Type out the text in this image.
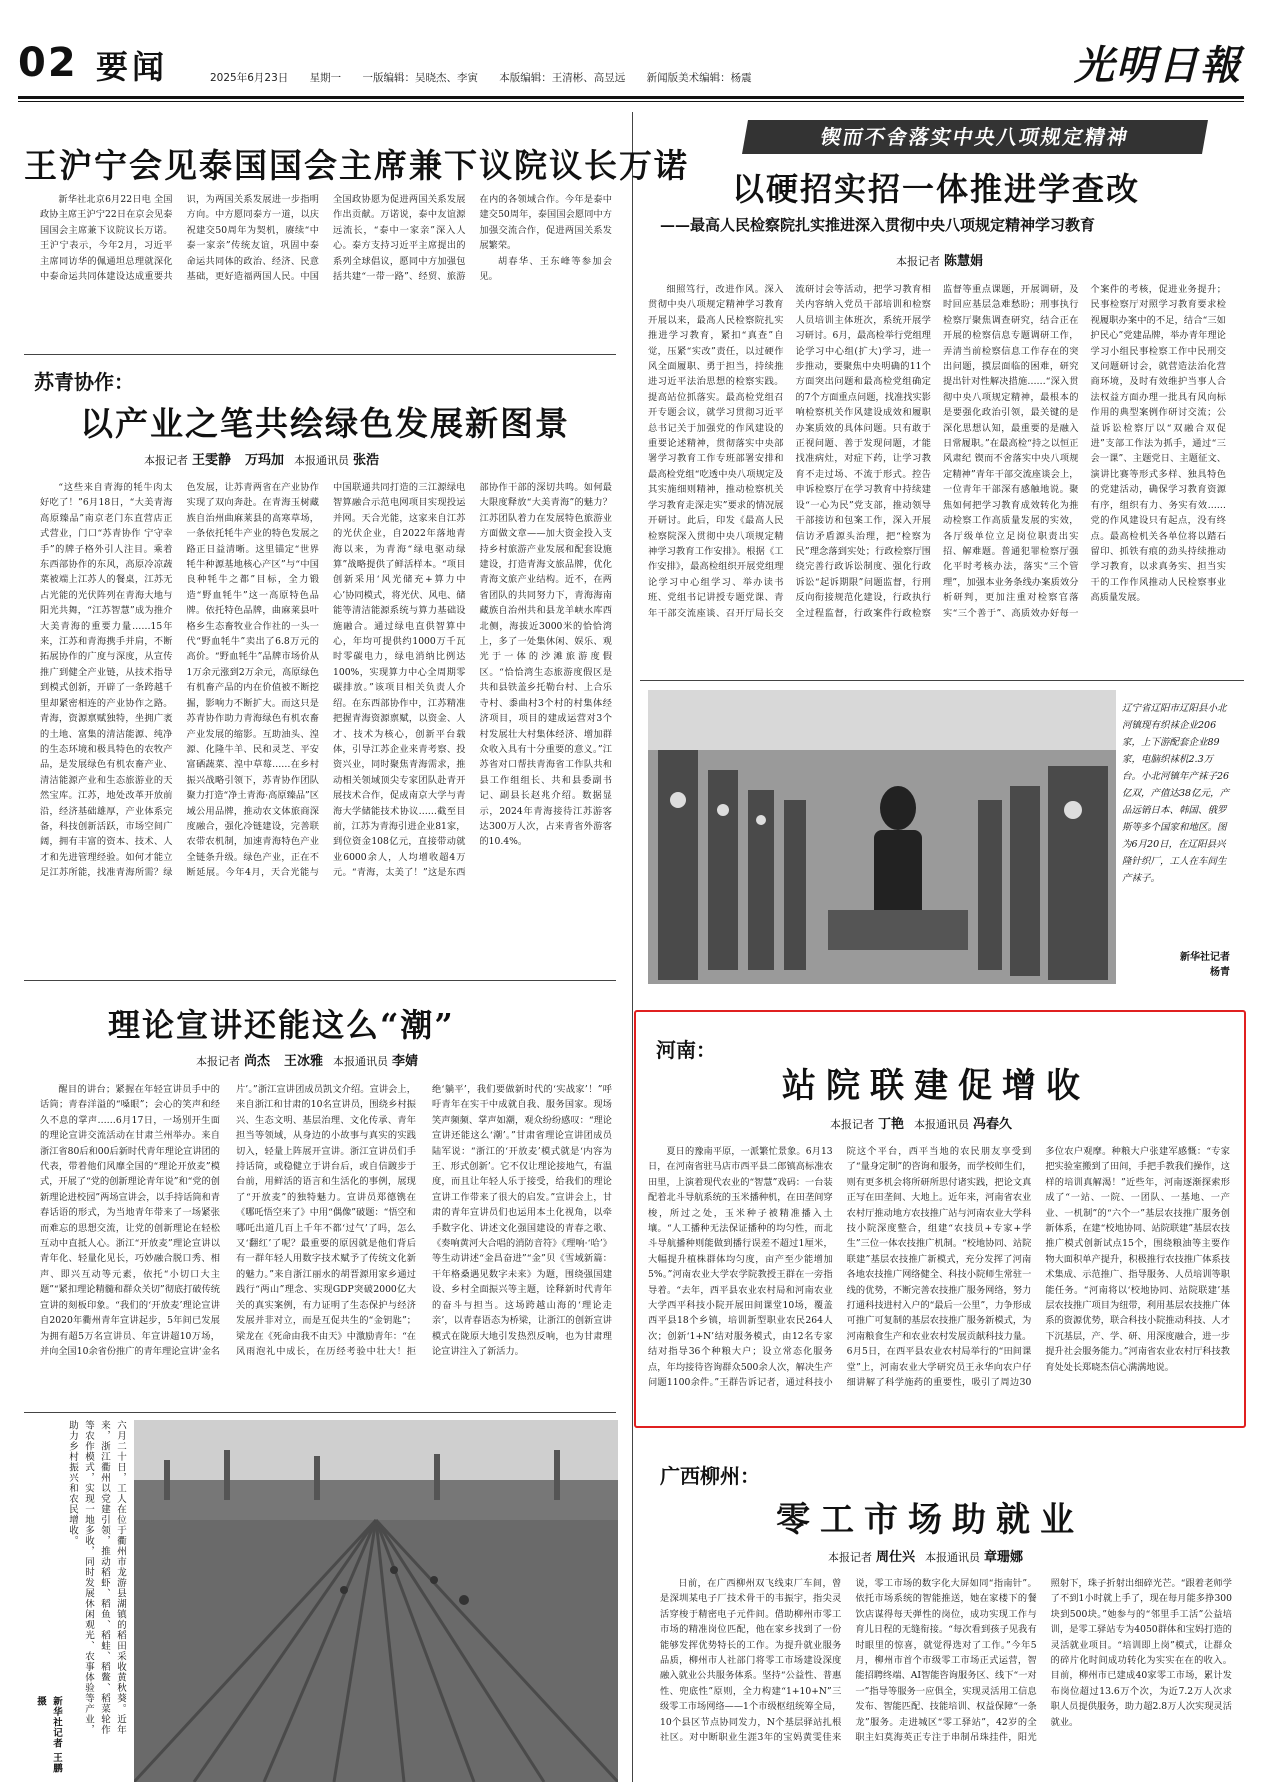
02 要闻	2025年6月23日 星期一 一版编辑：吴晓杰、李寅 本版编辑：王清彬、高昱远 新闻版美术编辑：杨震	光明日報
王沪宁会见泰国国会主席兼下议院议长万诺

新华社北京6月22日电 全国政协主席王沪宁22日在京会见泰国国会主席兼下议院议长万诺。王沪宁表示，今年2月，习近平主席同访华的佩通坦总理就深化中泰命运共同体建设达成重要共识，为两国关系发展进一步指明方向。中方愿同泰方一道，以庆祝建交50周年为契机，赓续“中泰一家亲”传统友谊，巩固中泰命运共同体的政治、经济、民意基础，更好造福两国人民。中国全国政协愿为促进两国关系发展作出贡献。万诺说，泰中友谊源远流长，“泰中一家亲”深入人心。泰方支持习近平主席提出的系列全球倡议，愿同中方加强包括共建“一带一路”、经贸、旅游在内的各领域合作。今年是泰中建交50周年，泰国国会愿同中方加强交流合作，促进两国关系发展繁荣。

胡春华、王东峰等参加会见。

苏青协作：
以产业之笔共绘绿色发展新图景
本报记者 王雯静 万玛加 本报通讯员 张浩

“这些来自青海的牦牛肉太好吃了！”6月18日，“大美青海高原臻品”南京老门东直营店正式营业，门口“苏青协作 宁守幸手”的牌子格外引人注目。乘着东西部协作的东风，高原冷凉蔬菜被端上江苏人的餐桌，江苏无占光能的光伏阵列在青海大地与阳光共舞，“江苏智慧”成为推介大美青海的重要力量……15年来，江苏和青海携手并肩，不断拓展协作的广度与深度，从宣传推广到健全产业链，从技术指导到模式创新，开辟了一条跨越千里却紧密相连的产业协作之路。青海，资源禀赋独特，坐拥广袤的土地、富集的清洁能源、纯净的生态环境和极具特色的农牧产品，是发展绿色有机农畜产业、清洁能源产业和生态旅游业的天然宝库。江苏，地处改革开放前沿，经济基础雄厚，产业体系完备，科技创新活跃，市场空间广阔，拥有丰富的资本、技术、人才和先进管理经验。如何才能立足江苏所能，找准青海所需？绿色发展，让苏青两省在产业协作实现了双向奔赴。在青海玉树藏族自治州曲麻莱县的高寒草场，一条依托牦牛产业的特色发展之路正日益清晰。这里锚定“世界牦牛种源基地核心产区”与“中国良种牦牛之都”目标，全力锻造“野血牦牛”这一高原特色品牌。依托特色品牌，曲麻莱县叶格乡生态畜牧业合作社的一头一代“野血牦牛”卖出了6.8万元的高价。“野血牦牛”品牌市场价从1万余元涨到2万余元，高原绿色有机畜产品的内在价值被不断挖掘，影响力不断扩大。而这只是苏青协作助力青海绿色有机农畜产业发展的缩影。互助油头、湟源、化隆牛羊、民和灵芝、平安富硒蔬菜、湟中草莓……在乡村振兴战略引领下，苏青协作团队聚力打造“净土青海·高原臻品”区域公用品牌，推动农文体旅商深度融合，强化冷链建设，完善联农带农机制，加速青海特色产业全链条升级。绿色产业，正在不断延展。今年4月，天合光能与中国联通共同打造的三江源绿电智算融合示范电网项目实现投运并网。天合光能，这家来自江苏的光伏企业，自2022年落地青海以来，为青海“绿电驱动绿算”战略提供了鲜活样本。“项目创新采用‘风光储充+算力中心’协同模式，将光伏、风电、储能等清洁能源系统与算力基础设施融合。通过绿电直供智算中心，年均可提供约1000万千瓦时零碳电力，绿电消纳比例达100%，实现算力中心全周期零碳排放。”该项目相关负责人介绍。在东西部协作中，江苏精准把握青海资源禀赋，以资金、人才、技术为核心，创新平台载体，引导江苏企业来青考察、投资兴业，同时聚焦青海需求，推动相关领域顶尖专家团队赴青开展技术合作，促成南京大学与青海大学储能技术协议……截至目前，江苏为青海引进企业81家，到位资金108亿元，直接带动就业6000余人，人均增收超4万元。“青海，太美了！”这是东西部协作干部的深切共鸣。如何最大限度释放“大美青海”的魅力？江苏团队着力在发展特色旅游业方面做文章——加大资金投入支持乡村旅游产业发展和配套设施建设，打造青海文旅品牌，优化青海文旅产业结构。近不，在两省团队的共同努力下，青海海南藏族自治州共和县龙羊峡水库西北侧，海拔近3000米的恰恰湾上，多了一处集休闲、娱乐、观光于一体的沙滩旅游度假区。“恰恰湾生态旅游度假区是共和县铁盖乡托勒台村、上合乐寺村、黍曲村3个村的村集体经济项目，项目的建成运营对3个村发展壮大村集体经济、增加群众收入具有十分重要的意义。”江苏省对口帮扶青海省工作队共和县工作组组长、共和县委副书记、副县长赵兆介绍。数据显示，2024年青海接待江苏游客达300万人次，占来青省外游客的10.4%。

理论宣讲还能这么“潮”
本报记者 尚杰 王冰雅 本报通讯员 李婧

醒目的讲台；紧握在年轻宣讲员手中的话筒；青春洋溢的“嗓眼”；会心的笑声和经久不息的掌声……6月17日，一场别开生面的理论宣讲交流活动在甘肃兰州举办。来自浙江省80后和00后新时代青年理论宣讲团的代表，带着他们风靡全国的“理论开放麦”模式，开展了“党的创新理论青年说”和“党的创新理论进校园”两场宣讲会，以手持话筒和青春话语的形式，为当地青年带来了一场紧张而难忘的思想交流，让党的创新理论在轻松互动中直抵人心。浙江“开放麦”理论宣讲以青年化、轻量化见长，巧妙融合脱口秀、相声、即兴互动等元素，依托“小切口大主题”“紧扣理论精髓和群众关切”彻底打破传统宣讲的刻板印象。“我们的‘开放麦’理论宣讲自2020年衢州青年宣讲起步，5年间已发展为拥有超5万名宣讲员、年宣讲超10万场，并向全国10余省份推广的青年理论宣讲‘金名片’。”浙江宣讲团成员凯文介绍。宣讲会上，来自浙江和甘肃的10名宣讲员，围绕乡村振兴、生态文明、基层治理、文化传承、青年担当等领域，从身边的小故事与真实的实践切入，轻量上阵展开宣讲。浙江宣讲员们手持话筒，或稳健立于讲台后，或自信踱步于台前，用鲜活的语言和生活化的事例，展现了“开放麦”的独特魅力。宣讲员郑德镌在《哪吒悟空来了》中用“偶像”破题：“悟空和哪吒出道几百上千年不都‘过气’了吗，怎么又‘翻红’了呢？最重要的原因就是他们背后有一群年轻人用数字技术赋予了传统文化新的魅力。”来自浙江丽水的胡晋源用家乡通过践行“两山”理念、实现GDP突破2000亿大关的真实案例，有力证明了生态保护与经济发展并非对立，而是互促共生的“金钥匙”；梁龙在《死命由我不由天》中激励青年：“在风雨泡礼中成长，在历经考验中壮大！拒绝‘躺平’，我们要做新时代的‘实战家’！”呼吁青年在实干中成就自我、服务国家。现场笑声频频、掌声如潮，观众纷纷感叹：“理论宣讲还能这么‘潮’。”甘肃省理论宣讲团成员陆军说：“浙江的‘开放麦’模式就是‘内容为王、形式创新’。它不仅让理论接地气，有温度，而且让年轻人乐于接受，给我们的理论宣讲工作带来了很大的启发。”宣讲会上，甘肃的青年宣讲员们也运用本土化视角，以牵手数字化、讲述文化强国建设的青春之歌、《奏响黄河大合唱的消防音符》《理响·‘哈’》等生动讲述“金昌奋进”“金”贝《雪域新篇：干年格桑遇见数字未来》为题，围绕强国建设、乡村全面振兴等主题，诠释新时代青年的奋斗与担当。这场跨越山海的‘理论走亲’，以青春语态为桥梁，让浙江的创新宣讲模式在陇原大地引发热烈反响，也为甘肃理论宣讲注入了新活力。

六月二十日，工人在位于衢州市龙游县湖镇的稻田采收黄秋葵。近年来，浙江衢州以党建引领，推动稻虾、稻鱼、稻蛙、稻鳖、稻菜轮作等农作模式，实现一地多收，同时发展休闲观光、农事体验等产业，助力乡村振兴和农民增收。
新华社记者 王鹏摄
锲而不舍落实中央八项规定精神
以硬招实招一体推进学查改
——最高人民检察院扎实推进深入贯彻中央八项规定精神学习教育
本报记者 陈慧娟

细照笃行，改进作风。深入贯彻中央八项规定精神学习教育开展以来，最高人民检察院扎实推进学习教育，紧扣“真查”自觉，压紧“实改”责任，以过硬作风全面履职、勇于担当，持续推进习近平法治思想的检察实践。提高站位抓落实。最高检党组召开专题会议，就学习贯彻习近平总书记关于加强党的作风建设的重要论述精神，贯彻落实中央部署学习教育工作专班部署安排和最高检党组“吃透中央八项规定及其实施细则精神，推动检察机关学习教育走深走实”要求的情况展开研讨。此后，印发《最高人民检察院深入贯彻中央八项规定精神学习教育工作安排》。根据《工作安排》，最高检组织开展党组理论学习中心组学习、举办读书班、党组书记讲授专题党课、青年干部交流座谈、召开厅局长交流研讨会等活动，把学习教育相关内容纳入党员干部培训和检察人员培训主体班次，系统开展学习研讨。6月，最高检举行党组理论学习中心组(扩大)学习，进一步推动，要聚焦中央明确的11个方面突出问题和最高检党组确定的7个方面重点问题，找准找实影响检察机关作风建设成效和履职办案质效的具体问题。只有敢于正视问题、善于发现问题，才能找准病灶，对症下药，让学习教育不走过场、不流于形式。控告申诉检察厅在学习教育中持续建设“一心为民”党支部，推动领导干部接访和包案工作，深入开展信访矛盾源头治理，把“检察为民”理念落到实处；行政检察厅围绕完善行政诉讼制度、强化行政诉讼“起诉期限”问题监督，行刑反向衔接规范化建设，行政执行全过程监督，行政案件行政检察监督等重点课题，开展调研，及时回应基层急难愁盼；刑事执行检察厅聚焦调查研究，结合正在开展的检察信息专题调研工作，弄清当前检察信息工作存在的突出问题，摸层面临的困难，研究提出针对性解决措施……“深入贯彻中央八项规定精神，最根本的是要强化政治引领，最关键的是深化思想认知，最重要的是融入日常履职。”在最高检“持之以恒正风肃纪 锲而不舍落实中央八项规定精神”青年干部交流座谈会上，一位青年干部深有感触地说。聚焦如何把学习教育成效转化为推动检察工作高质量发展的实效，各厅级单位立足岗位职责出实招、解难题。普通犯罪检察厅强化平时考核办法，落实“三个管理”，加强本业务条线办案质效分析研判，更加注重对检察官落实“三个善于”、高质效办好每一个案件的考核，促进业务提升；民事检察厅对照学习教育要求检视履职办案中的不足，结合“三如护民心”党建品牌，举办青年理论学习小组民事检察工作中民刑交叉问题研讨会，就营造法治化营商环境，及时有效维护当事人合法权益方面办理一批具有风向标作用的典型案例作研讨交流；公益诉讼检察厅以“双融合双促进”支部工作法为抓手，通过“三会一课”、主题党日、主题征文、演讲比赛等形式多样、独具特色的党建活动，确保学习教育资源有序，组织有力、务实有效……党的作风建设只有起点，没有终点。最高检机关各单位将以踏石留印、抓铁有痕的劲头持续推动学习教育，以求真务实、担当实干的工作作风推动人民检察事业高质量发展。

辽宁省辽阳市辽阳县小北河镇现有织袜企业206家，上下游配套企业89家，电脑织袜机2.3万台。小北河镇年产袜子26亿双，产值达38亿元，产品远销日本、韩国、俄罗斯等多个国家和地区。图为6月20日，在辽阳县兴隆针织厂，工人在车间生产袜子。
新华社记者
杨青
河南：
站院联建促增收
本报记者 丁艳 本报通讯员 冯春久

夏日的豫南平原，一派繁忙景象。6月13日，在河南省驻马店市西平县二郎镇高标准农田里，上演着现代农业的“智慧”戏码：一台装配着北斗导航系统的玉米播种机，在田垄间穿梭，所过之处，玉米种子被精准播入土壤。“人工播种无法保证播种的均匀性，而北斗导航播种则能做到播行误差不超过1厘米，大幅提升植株群体均匀度，亩产至少能增加5%。”河南农业大学农学院教授王群在一旁指导着。“去年，西平县农业农村局和河南农业大学西平科技小院开展田间课堂10场，覆盖西平县18个乡镇，培训新型职业农民264人次；创新‘1+N’结对服务模式，由12名专家结对指导36个种粮大户；设立常态化服务点，年均接待咨询群众500余人次，解决生产问题1100余件。”王群告诉记者，通过科技小院这个平台，西平当地的农民朋友享受到了“量身定制”的咨询和服务，而学校师生们，则有更多机会将所研所思付诸实践，把论文真正写在田垄间、大地上。近年来，河南省农业农村厅推动地方农技推广站与河南农业大学科技小院深度整合，组建“农技员+专家+学生”三位一体农技推广机制。“校地协同、站院联建”基层农技推广新模式，充分发挥了河南各地农技推广网络健全、科技小院师生常驻一线的优势，不断完善农技推广服务网络，努力打通科技进村入户的“最后一公里”，力争形成可推广可复制的基层农技推广服务新模式，为河南粮食生产和农业农村发展贡献科技力量。6月5日，在西平县农业农村局举行的“田间课堂”上，河南农业大学研究员王永华向农户仔细讲解了科学施药的重要性，吸引了周边30多位农户观摩。种粮大户张建军感慨：“专家把实验室搬到了田间，手把手教我们操作，这样的培训真解渴！”近些年，河南逐渐探索形成了“一站、一院、一团队、一基地、一产业、一机制”的“六个一”基层农技推广服务创新体系，在建“校地协同、站院联建”基层农技推广模式创新试点15个，围绕粮油等主要作物大面积单产提升，积极推行农技推广体系技术集成、示范推广、指导服务、人员培训等职能任务。“河南将以‘校地协同、站院联建’基层农技推广项目为纽带，利用基层农技推广体系的资源优势，联合科技小院推动科技、人才下沉基层，产、学、研、用深度融合，进一步提升社会服务能力。”河南省农业农村厅科技教育处处长郑晓杰信心满满地说。

广西柳州：
零工市场助就业
本报记者 周仕兴 本报通讯员 章珊娜

日前，在广西柳州双飞线束厂车间，曾是深圳某电子厂技术骨干的韦振宇，指尖灵活穿梭于精密电子元件间。借助柳州市零工市场的精准岗位匹配，他在家乡找到了一份能够发挥优势特长的工作。为提升就业服务品质，柳州市人社部门将零工市场建设深度融入就业公共服务体系。坚持“公益性、普惠性、兜底性”原则，全力构建“1+10+N”三级零工市场网络——1个市级枢纽统筹全局，10个县区节点协同发力，N个基层驿站扎根社区。对中断职业生涯3年的宝妈黄雯佳来说，零工市场的数字化大屏如同“指南针”。依托市场系统的智能推送，她在家楼下的餐饮店谋得每天弹性的岗位，成功实现工作与育儿日程的无缝衔接。“每次看到孩子见我有时眼里的惊喜，就觉得选对了工作。”今年5月，柳州市首个市级零工市场正式运营，智能招聘终端、AI智能咨询服务区、线下“一对一”指导等服务一应俱全，实现灵活用工信息发布、智能匹配、技能培训、权益保障“一条龙”服务。走进城区“零工驿站”，42岁的全职主妇莫海英正专注于串制吊珠挂件，阳光照射下，珠子折射出细碎光芒。“跟着老师学了不到1小时就上手了，现在每月能多挣300块到500块。”她参与的“邻里手工活”公益培训，是零工驿站专为4050群体和宝妈打造的灵活就业项目。“培训即上岗”模式，让群众的碎片化时间成功转化为实实在在的收入。目前，柳州市已建成40家零工市场，累计发布岗位超过13.6万个次，为近7.2万人次求职人员提供服务，助力超2.8万人次实现灵活就业。
